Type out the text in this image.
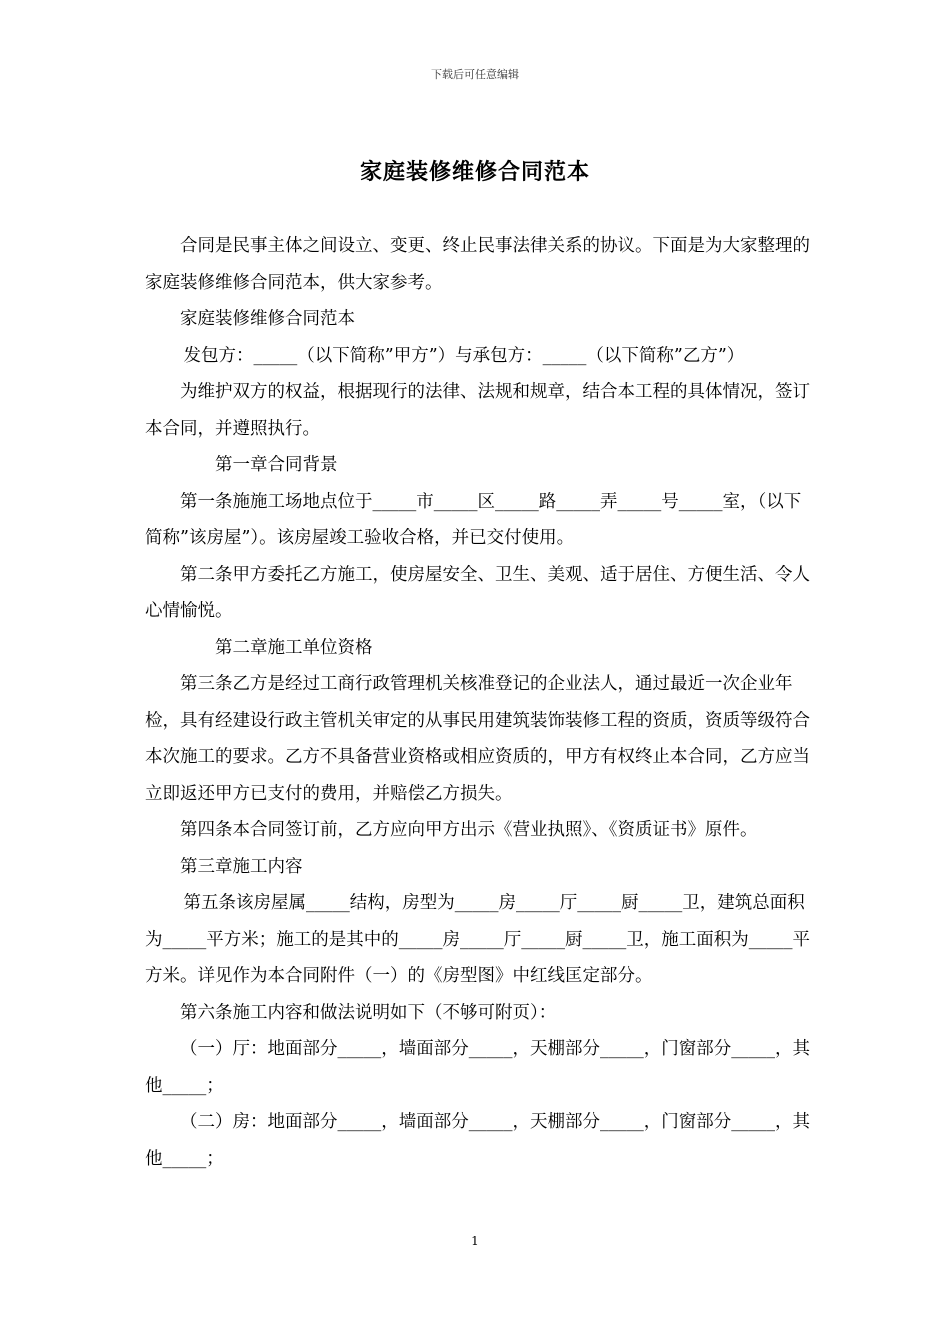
下载后可任意编辑
家庭装修维修合同范本

合同是民事主体之间设立、变更、终止民事法律关系的协议。下面是为大家整理的家庭装修维修合同范本，供大家参考。

家庭装修维修合同范本

发包方：_____（以下简称”甲方”）与承包方：_____（以下简称”乙方”）

为维护双方的权益，根据现行的法律、法规和规章，结合本工程的具体情况，签订本合同，并遵照执行。

第一章合同背景

第一条施施工场地点位于_____市_____区_____路_____弄_____号_____室，（以下简称”该房屋”）。该房屋竣工验收合格，并已交付使用。

第二条甲方委托乙方施工，使房屋安全、卫生、美观、适于居住、方便生活、令人心情愉悦。

第二章施工单位资格

第三条乙方是经过工商行政管理机关核准登记的企业法人，通过最近一次企业年检，具有经建设行政主管机关审定的从事民用建筑装饰装修工程的资质，资质等级符合本次施工的要求。乙方不具备营业资格或相应资质的，甲方有权终止本合同，乙方应当立即返还甲方已支付的费用，并赔偿乙方损失。

第四条本合同签订前，乙方应向甲方出示《营业执照》、《资质证书》原件。

第三章施工内容

第五条该房屋属_____结构，房型为_____房_____厅_____厨_____卫，建筑总面积为_____平方米；施工的是其中的_____房_____厅_____厨_____卫，施工面积为_____平方米。详见作为本合同附件（一）的《房型图》中红线匡定部分。

第六条施工内容和做法说明如下（不够可附页）：

（一）厅：地面部分_____，墙面部分_____，天棚部分_____，门窗部分_____，其他_____；

（二）房：地面部分_____，墙面部分_____，天棚部分_____，门窗部分_____，其他_____；

1
